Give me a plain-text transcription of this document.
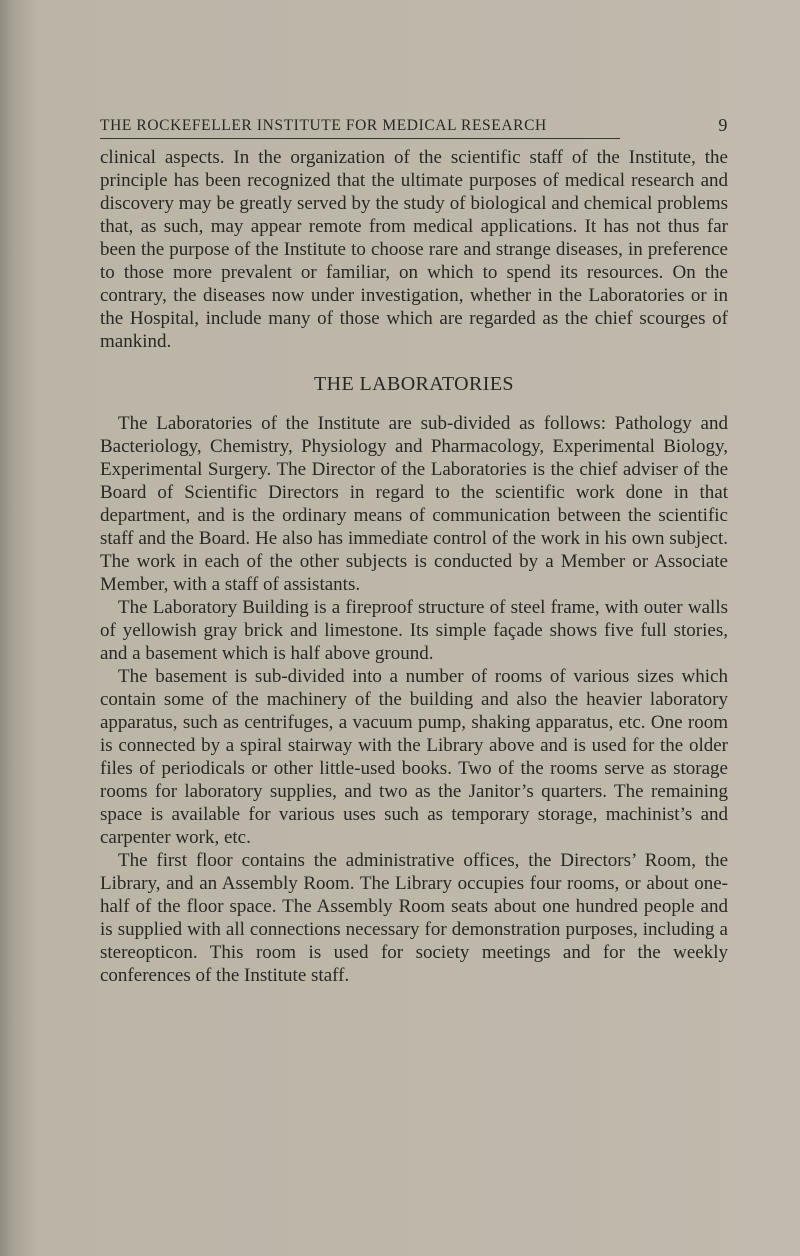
THE ROCKEFELLER INSTITUTE FOR MEDICAL RESEARCH	9

clinical aspects. In the organization of the scientific staff of the Institute, the principle has been recognized that the ultimate purposes of medical research and discovery may be greatly served by the study of biological and chemical problems that, as such, may appear remote from medical applications. It has not thus far been the purpose of the Institute to choose rare and strange diseases, in preference to those more prevalent or familiar, on which to spend its resources. On the contrary, the diseases now under investigation, whether in the Laboratories or in the Hospital, include many of those which are regarded as the chief scourges of mankind.

THE LABORATORIES

The Laboratories of the Institute are sub-divided as follows: Pathology and Bacteriology, Chemistry, Physiology and Pharmacology, Experimental Biology, Experimental Surgery. The Director of the Laboratories is the chief adviser of the Board of Scientific Directors in regard to the scientific work done in that department, and is the ordinary means of communication between the scientific staff and the Board. He also has immediate control of the work in his own subject. The work in each of the other subjects is conducted by a Member or Associate Member, with a staff of assistants.

The Laboratory Building is a fireproof structure of steel frame, with outer walls of yellowish gray brick and limestone. Its simple façade shows five full stories, and a basement which is half above ground.

The basement is sub-divided into a number of rooms of various sizes which contain some of the machinery of the building and also the heavier laboratory apparatus, such as centrifuges, a vacuum pump, shaking apparatus, etc. One room is connected by a spiral stairway with the Library above and is used for the older files of periodicals or other little-used books. Two of the rooms serve as storage rooms for laboratory supplies, and two as the Janitor’s quarters. The remaining space is available for various uses such as temporary storage, machinist’s and carpenter work, etc.

The first floor contains the administrative offices, the Directors’ Room, the Library, and an Assembly Room. The Library occupies four rooms, or about one-half of the floor space. The Assembly Room seats about one hundred people and is supplied with all connections necessary for demonstration purposes, including a stereopticon. This room is used for society meetings and for the weekly conferences of the Institute staff.
